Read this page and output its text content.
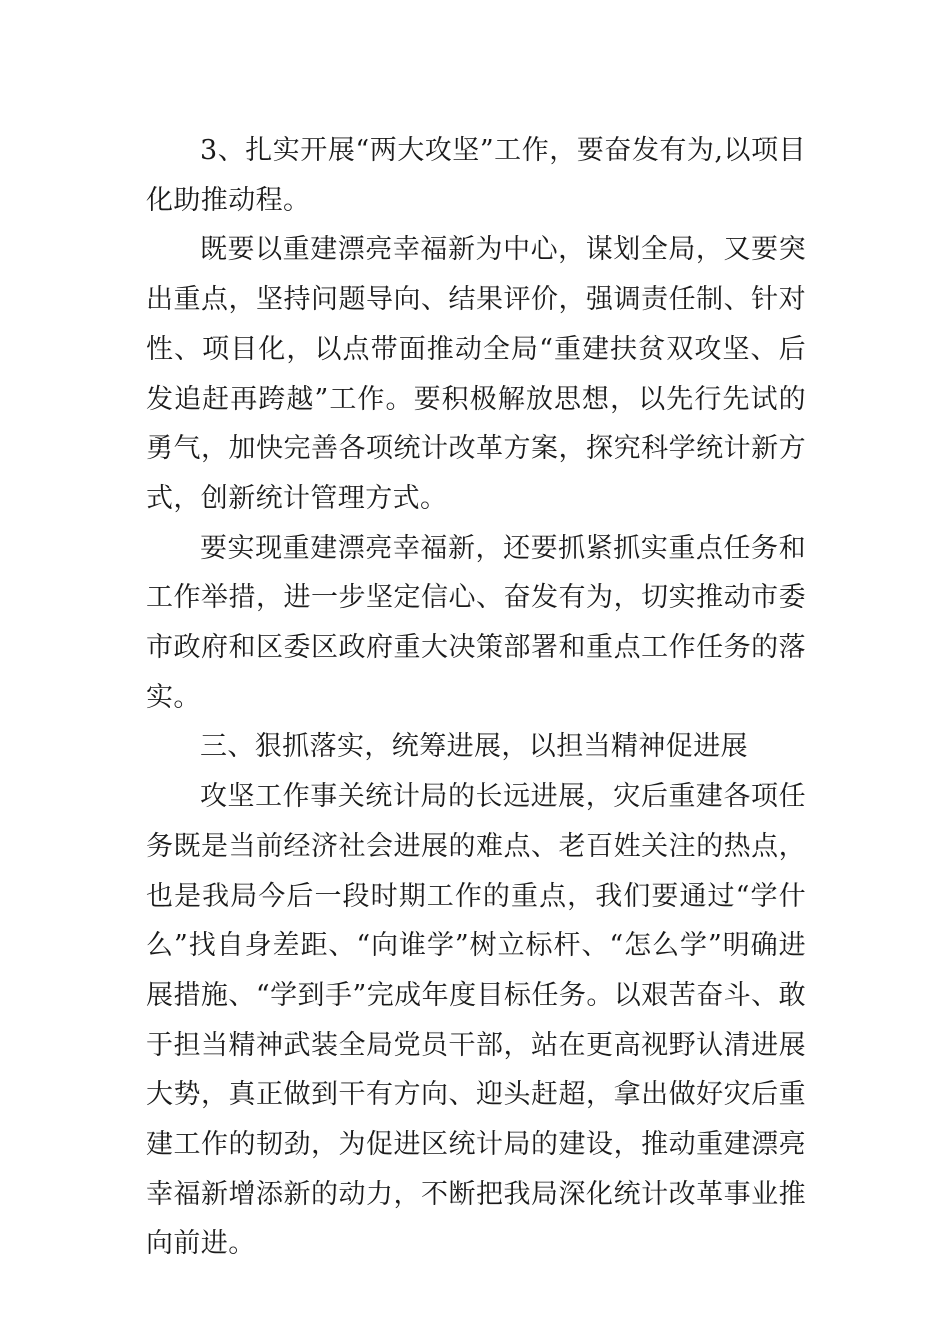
3、扎实开展“两大攻坚”工作，要奋发有为,以项目化助推动程。

既要以重建漂亮幸福新为中心，谋划全局，又要突出重点，坚持问题导向、结果评价，强调责任制、针对性、项目化，以点带面推动全局“重建扶贫双攻坚、后发追赶再跨越”工作。要积极解放思想，以先行先试的勇气，加快完善各项统计改革方案，探究科学统计新方式，创新统计管理方式。

要实现重建漂亮幸福新，还要抓紧抓实重点任务和工作举措，进一步坚定信心、奋发有为，切实推动市委市政府和区委区政府重大决策部署和重点工作任务的落实。

三、狠抓落实，统筹进展，以担当精神促进展

攻坚工作事关统计局的长远进展，灾后重建各项任务既是当前经济社会进展的难点、老百姓关注的热点，也是我局今后一段时期工作的重点，我们要通过“学什么”找自身差距、“向谁学”树立标杆、“怎么学”明确进展措施、“学到手”完成年度目标任务。以艰苦奋斗、敢于担当精神武装全局党员干部，站在更高视野认清进展大势，真正做到干有方向、迎头赶超，拿出做好灾后重建工作的韧劲，为促进区统计局的建设，推动重建漂亮幸福新增添新的动力，不断把我局深化统计改革事业推向前进。
